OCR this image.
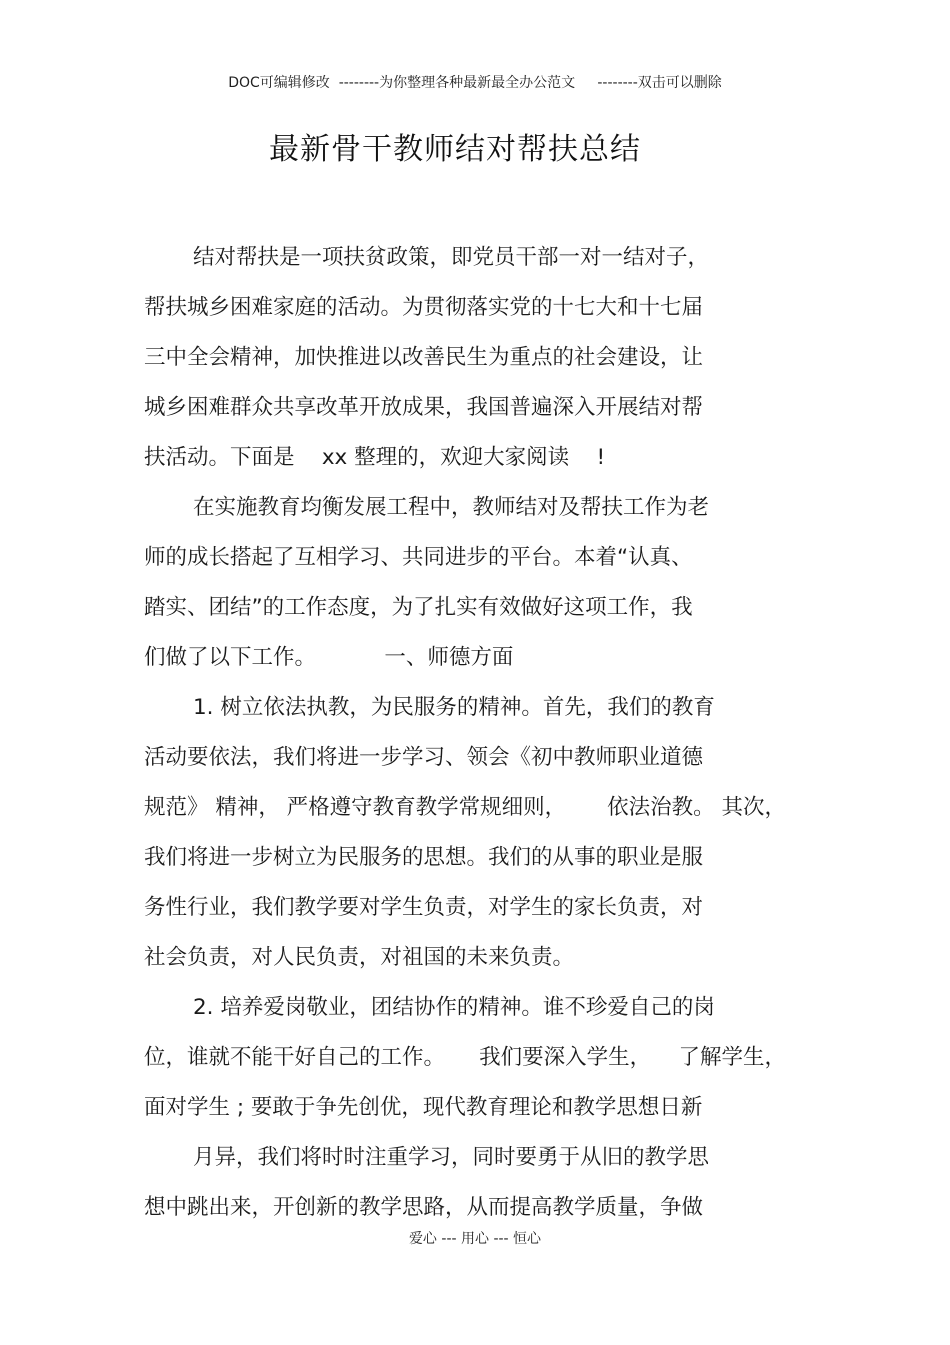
DOC可编辑修改  --------为你整理各种最新最全办公范文     --------双击可以删除
最新骨干教师结对帮扶总结
结对帮扶是一项扶贫政策，即党员干部一对一结对子，
帮扶城乡困难家庭的活动。为贯彻落实党的十七大和十七届
三中全会精神，加快推进以改善民生为重点的社会建设，让
城乡困难群众共享改革开放成果，我国普遍深入开展结对帮
扶活动。下面是    xx 整理的，欢迎大家阅读    !
在实施教育均衡发展工程中，教师结对及帮扶工作为老
师的成长搭起了互相学习、共同进步的平台。本着“认真、
踏实、团结”的工作态度，为了扎实有效做好这项工作，我
们做了以下工作。          一、师德方面
1. 树立依法执教，为民服务的精神。首先，我们的教育
活动要依法，我们将进一步学习、领会《初中教师职业道德
规范》 精神， 严格遵守教育教学常规细则，      依法治教。 其次，
我们将进一步树立为民服务的思想。我们的从事的职业是服
务性行业，我们教学要对学生负责，对学生的家长负责，对
社会负责，对人民负责，对祖国的未来负责。
2. 培养爱岗敬业，团结协作的精神。谁不珍爱自己的岗
位，谁就不能干好自己的工作。     我们要深入学生，    了解学生，
面对学生 ; 要敢于争先创优，现代教育理论和教学思想日新
月异，我们将时时注重学习，同时要勇于从旧的教学思
想中跳出来，开创新的教学思路，从而提高教学质量，争做
爱心 --- 用心 --- 恒心
